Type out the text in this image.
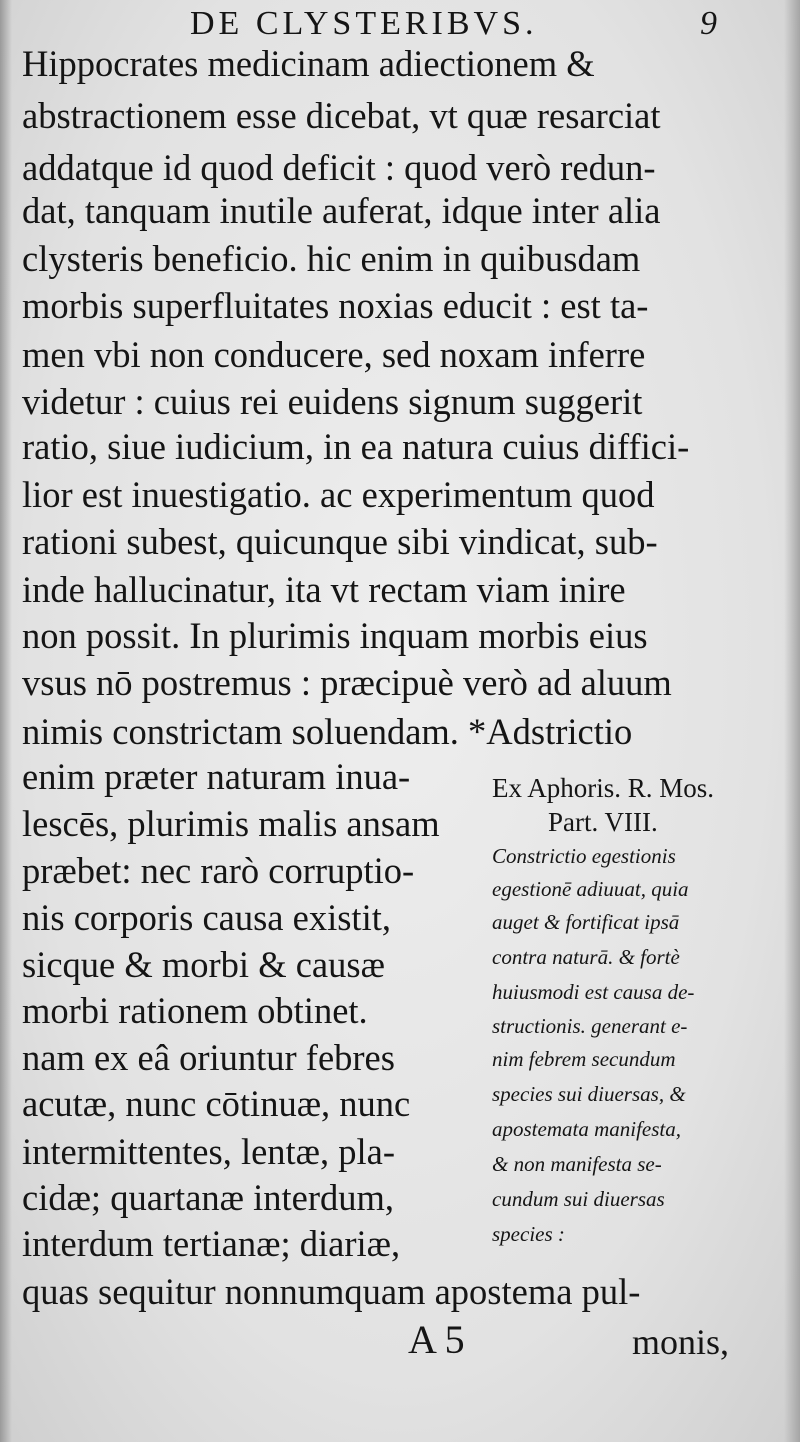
DE CLYSTERIBVS.	9
Hippocrates medicinam adiectionem &
abstractionem esse dicebat, vt quæ resarciat
addatque id quod deficit : quod verò redun-
dat, tanquam inutile auferat, idque inter alia
clysteris beneficio. hic enim in quibusdam
morbis superfluitates noxias educit : est ta-
men vbi non conducere, sed noxam inferre
videtur : cuius rei euidens signum suggerit
ratio, siue iudicium, in ea natura cuius diffici-
lior est inuestigatio. ac experimentum quod
rationi subest, quicunque sibi vindicat, sub-
inde hallucinatur, ita vt rectam viam inire
non possit. In plurimis inquam morbis eius
vsus nō postremus : præcipuè verò ad aluum
nimis constrictam soluendam. *Adstrictio
enim præter naturam inua-
lescēs, plurimis malis ansam
præbet: nec rarò corruptio-
nis corporis causa existit,
sicque & morbi & causæ
morbi rationem obtinet.
nam ex eâ oriuntur febres
acutæ, nunc cōtinuæ, nunc
intermittentes, lentæ, pla-
cidæ; quartanæ interdum,
interdum tertianæ; diariæ,
quas sequitur nonnumquam apostema pul-
Ex Aphoris. R. Mos.
Part. VIII.
Constrictio egestionis
egestionē adiuuat, quia
auget & fortificat ipsā
contra naturā. & fortè
huiusmodi est causa de-
structionis. generant e-
nim febrem secundum
species sui diuersas, &
apostemata manifesta,
& non manifesta se-
cundum sui diuersas
species :
A 5	monis,
